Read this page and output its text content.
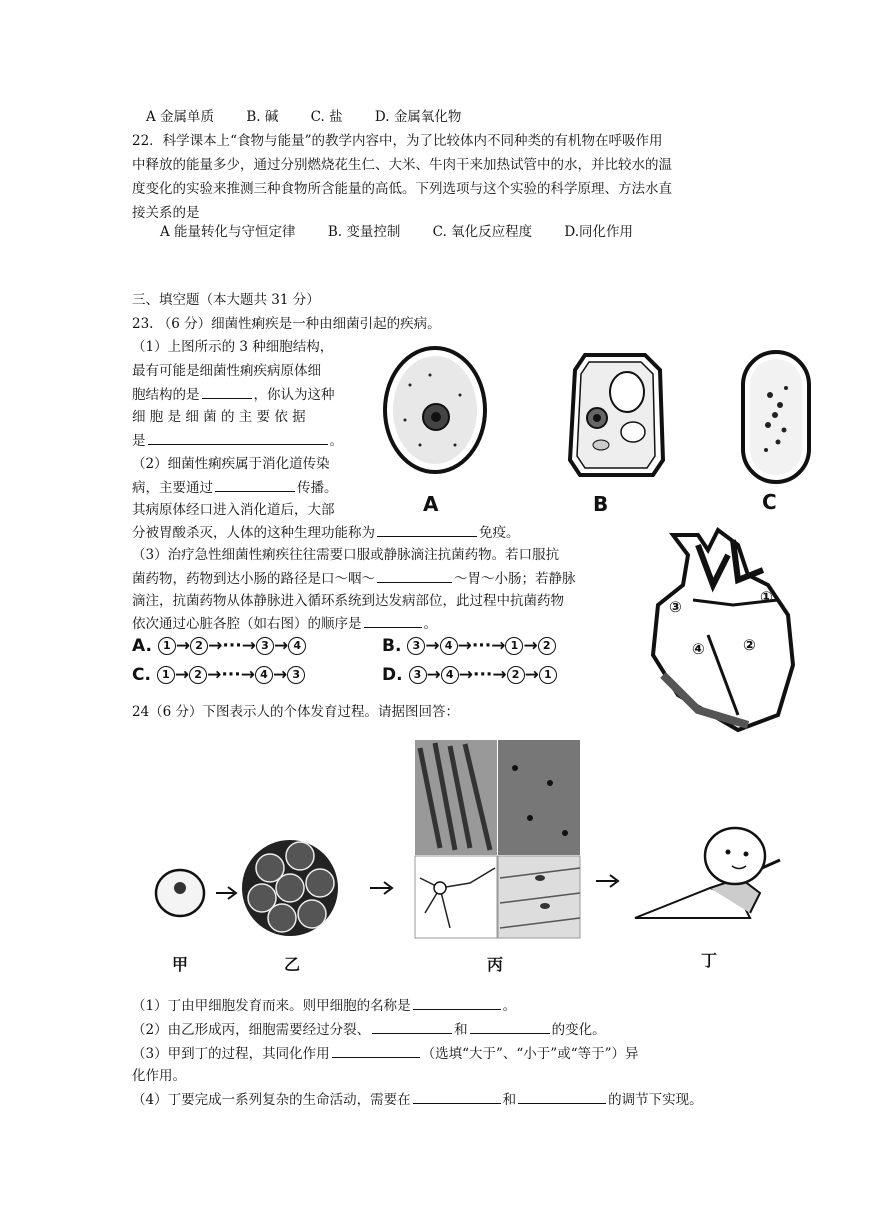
A 金属单质 B. 碱 C. 盐 D. 金属氧化物
22．科学课本上“食物与能量”的教学内容中，为了比较体内不同种类的有机物在呼吸作用
中释放的能量多少，通过分别燃烧花生仁、大米、牛肉干来加热试管中的水，并比较水的温
度变化的实验来推测三种食物所含能量的高低。下列选项与这个实验的科学原理、方法水直
接关系的是
A 能量转化与守恒定律 B. 变量控制 C. 氧化反应程度 D.同化作用
三、填空题（本大题共 31 分）
23. （6 分）细菌性痢疾是一种由细菌引起的疾病。
（1）上图所示的 3 种细胞结构，
最有可能是细菌性痢疾病原体细
胞结构的是	，你认为这种
细 胞 是 细 菌 的 主 要 依 据
是	。
（2）细菌性痢疾属于消化道传染
病，主要通过	传播。
其病原体经口进入消化道后，大部
分被胃酸杀灭，人体的这种生理功能称为	免疫。
（3）治疗急性细菌性痢疾往往需要口服或静脉滴注抗菌药物。若口服抗
菌药物，药物到达小肠的路径是口～咽～	～胃～小肠；若静脉
滴注，抗菌药物从体静脉进入循环系统到达发病部位，此过程中抗菌药物
依次通过心脏各腔（如右图）的顺序是	。
A. 1 → 2 →···→ 3 → 4	B. 3 → 4 →···→ 1 → 2
C. 1 → 2 →···→ 4 → 3	D. 3 → 4 →···→ 2 → 1
A	B	C
①
②
③
④
24（6 分）下图表示人的个体发育过程。请据图回答：
甲	乙	丙	丁
（1）丁由甲细胞发育而来。则甲细胞的名称是	。
（2）由乙形成丙，细胞需要经过分裂、	和	的变化。
（3）甲到丁的过程，其同化作用	（选填“大于”、“小于”或“等于”）异
化作用。
（4）丁要完成一系列复杂的生命活动，需要在	和	的调节下实现。
